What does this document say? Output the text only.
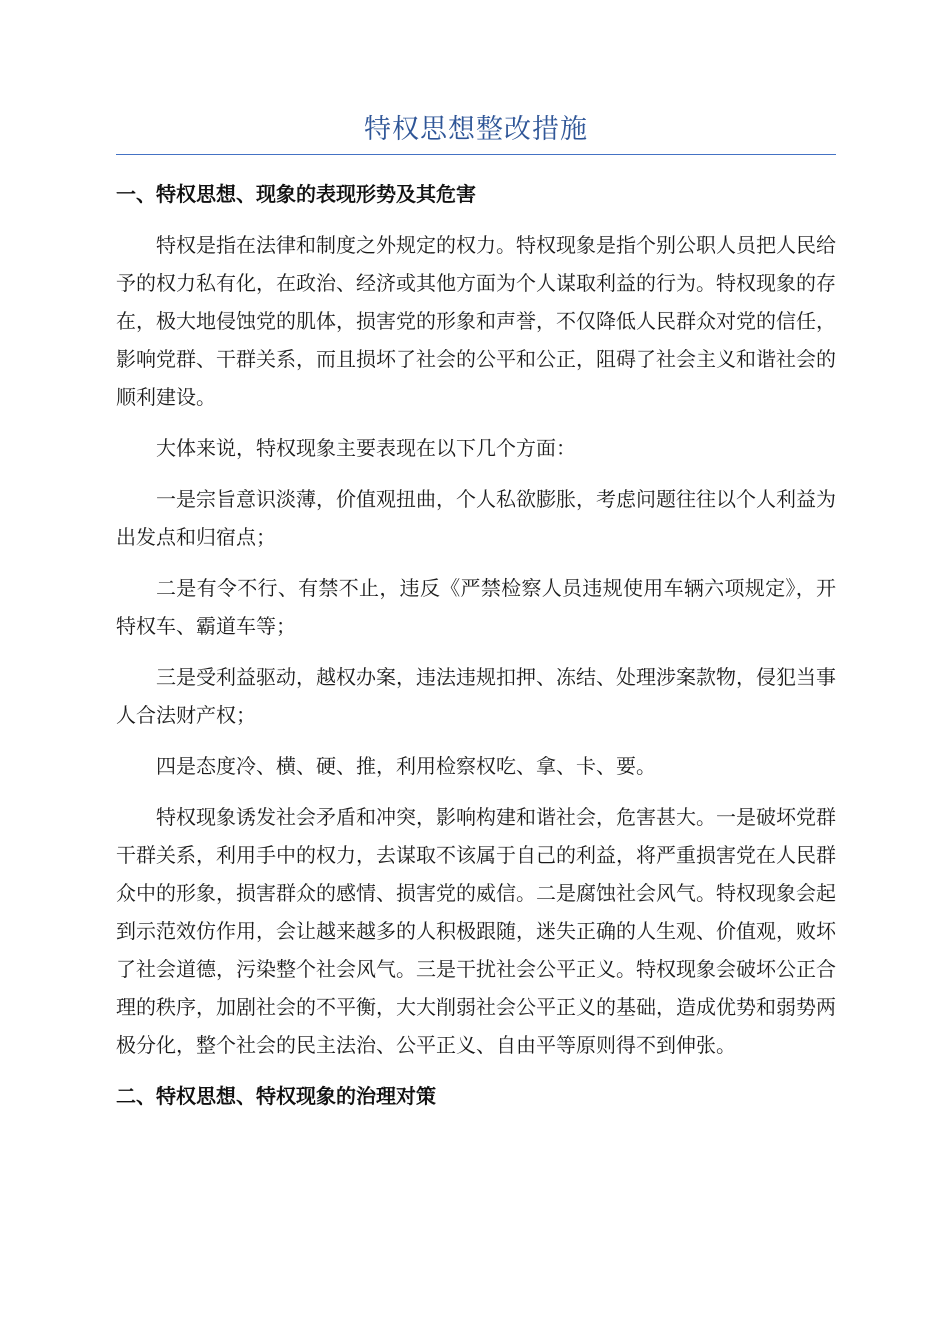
特权思想整改措施
一、特权思想、现象的表现形势及其危害

特权是指在法律和制度之外规定的权力。特权现象是指个别公职人员把人民给予的权力私有化，在政治、经济或其他方面为个人谋取利益的行为。特权现象的存在，极大地侵蚀党的肌体，损害党的形象和声誉，不仅降低人民群众对党的信任，影响党群、干群关系，而且损坏了社会的公平和公正，阻碍了社会主义和谐社会的顺利建设。

大体来说，特权现象主要表现在以下几个方面：

一是宗旨意识淡薄，价值观扭曲，个人私欲膨胀，考虑问题往往以个人利益为出发点和归宿点；

二是有令不行、有禁不止，违反《严禁检察人员违规使用车辆六项规定》，开特权车、霸道车等；

三是受利益驱动，越权办案，违法违规扣押、冻结、处理涉案款物，侵犯当事人合法财产权；

四是态度冷、横、硬、推，利用检察权吃、拿、卡、要。

特权现象诱发社会矛盾和冲突，影响构建和谐社会，危害甚大。一是破坏党群干群关系，利用手中的权力，去谋取不该属于自己的利益，将严重损害党在人民群众中的形象，损害群众的感情、损害党的威信。二是腐蚀社会风气。特权现象会起到示范效仿作用，会让越来越多的人积极跟随，迷失正确的人生观、价值观，败坏了社会道德，污染整个社会风气。三是干扰社会公平正义。特权现象会破坏公正合理的秩序，加剧社会的不平衡，大大削弱社会公平正义的基础，造成优势和弱势两极分化，整个社会的民主法治、公平正义、自由平等原则得不到伸张。

二、特权思想、特权现象的治理对策
